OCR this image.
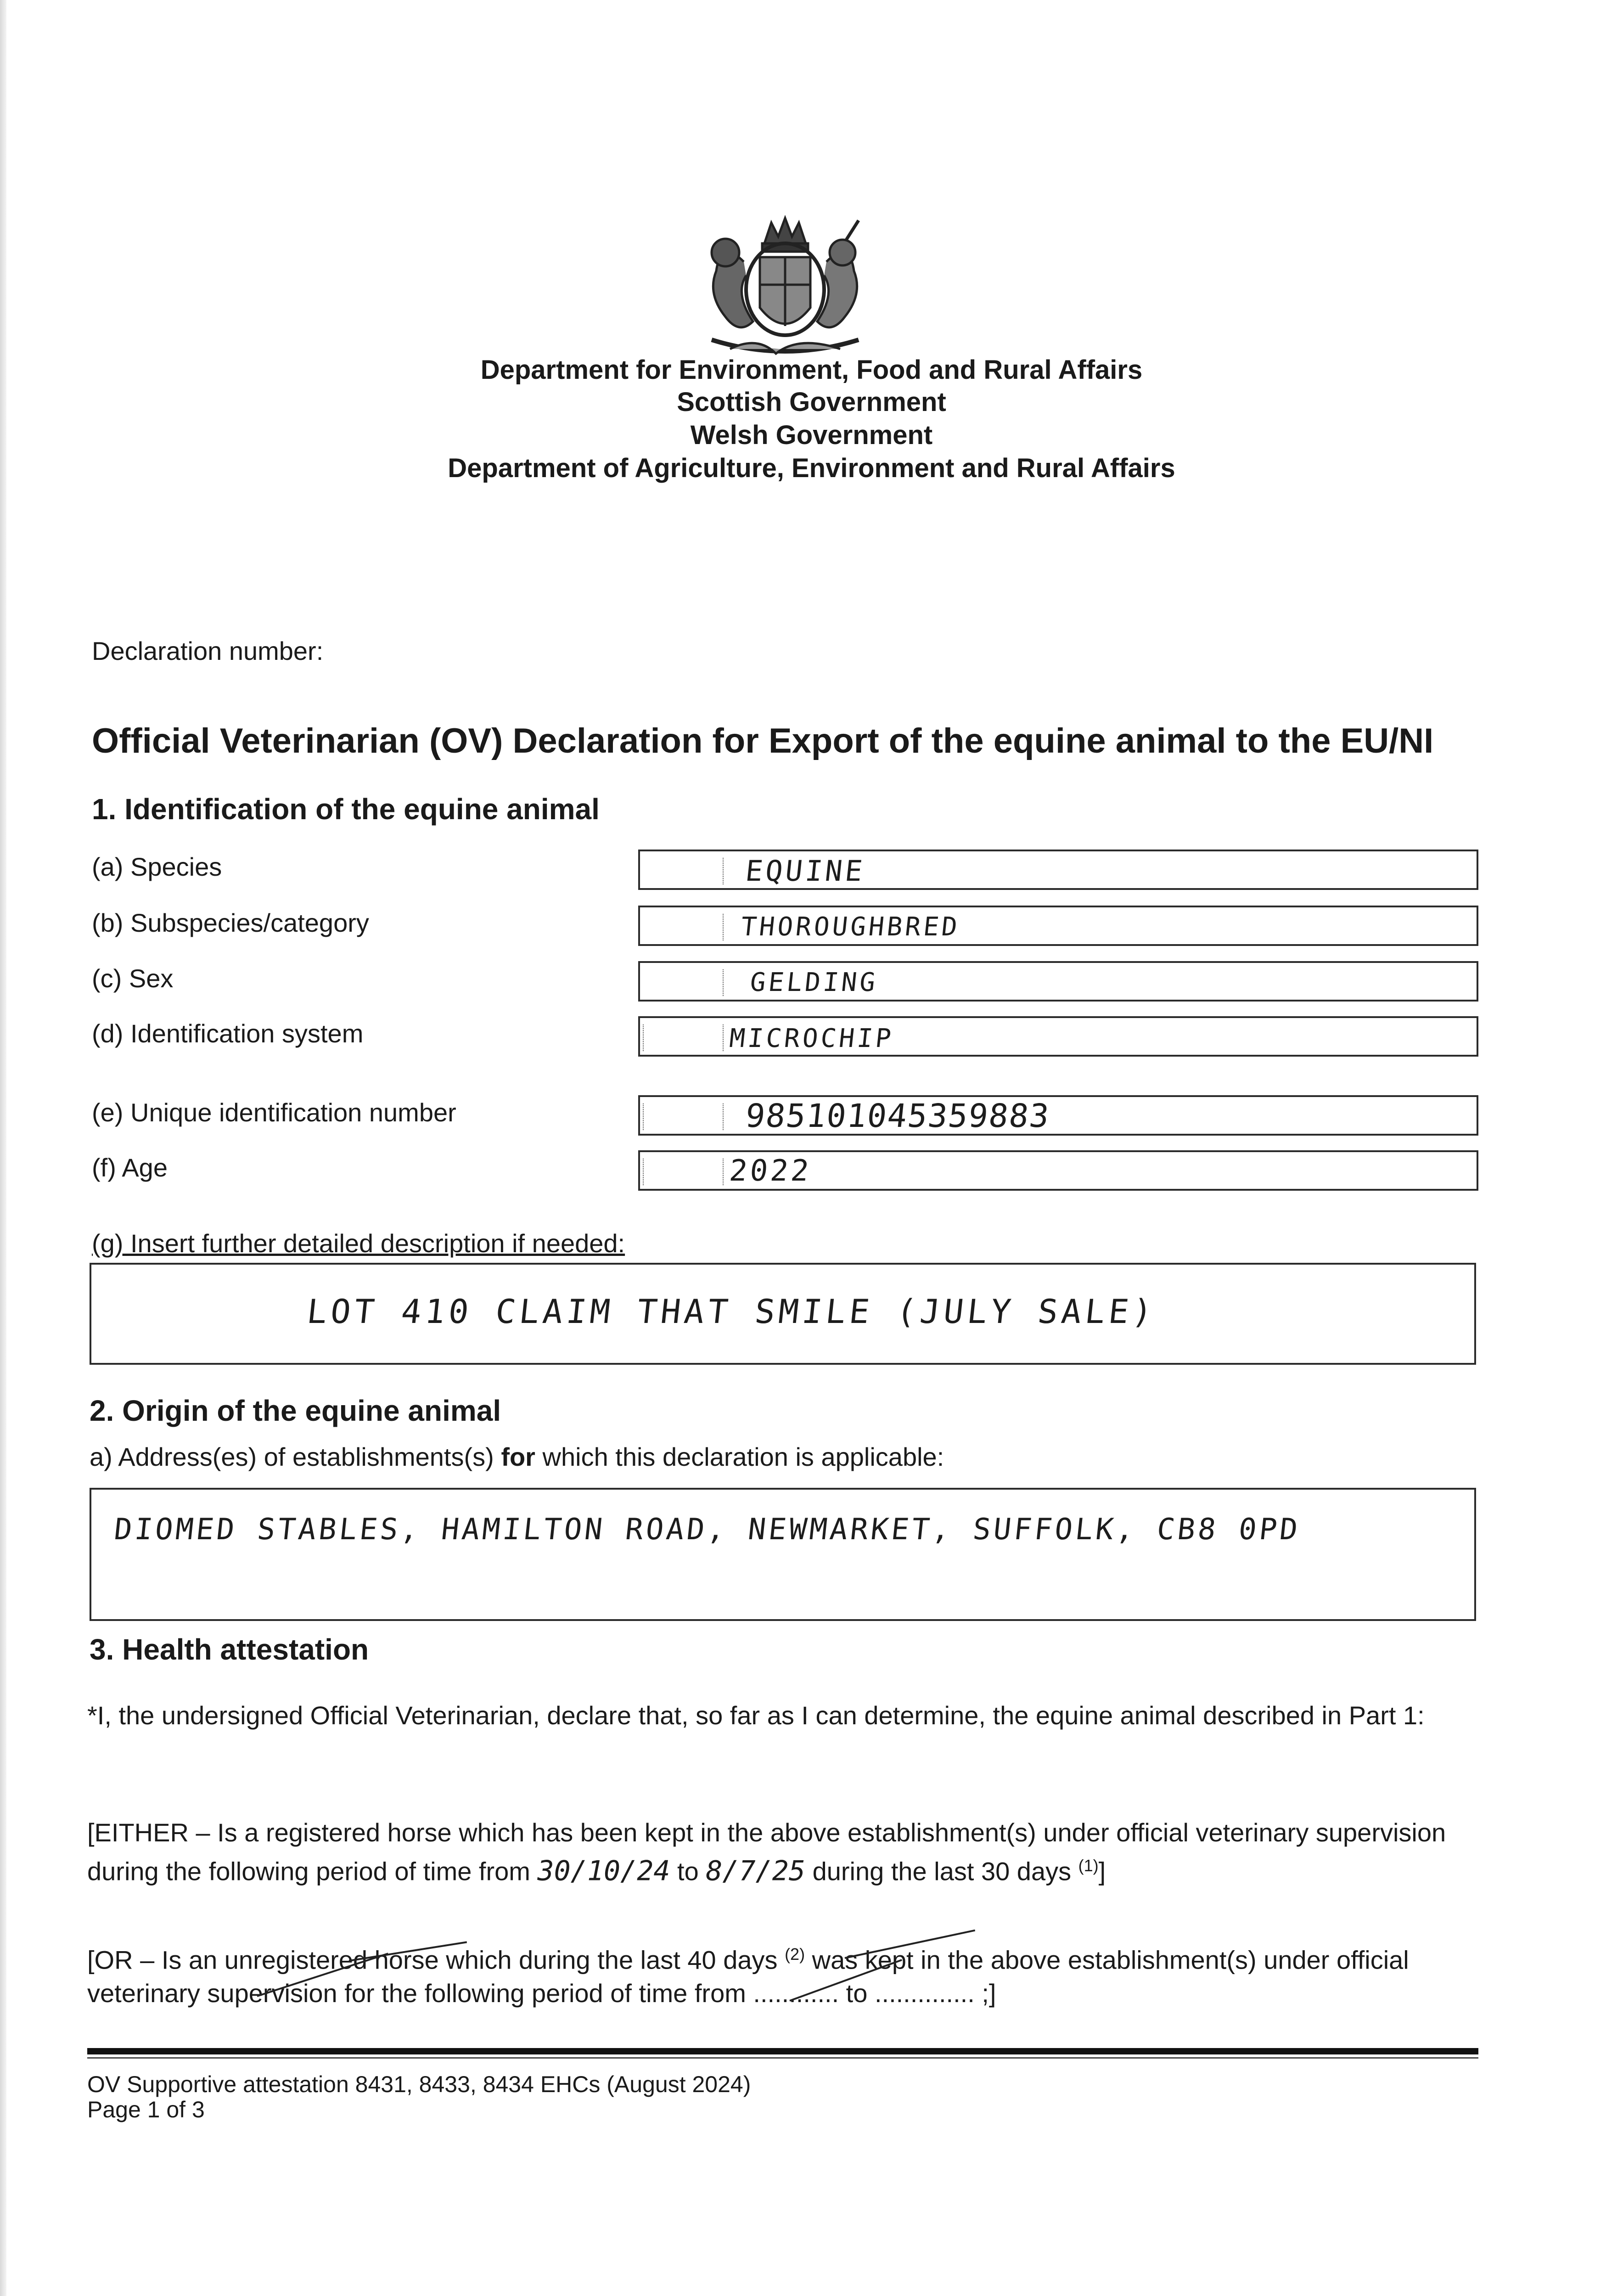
Department for Environment, Food and Rural Affairs
Scottish Government
Welsh Government
Department of Agriculture, Environment and Rural Affairs
Declaration number:
Official Veterinarian (OV) Declaration for Export of the equine animal to the EU/NI
1. Identification of the equine animal
(a) Species	EQUINE
(b) Subspecies/category	THOROUGHBRED
(c) Sex	GELDING
(d) Identification system	MICROCHIP
(e) Unique identification number	985101045359883
(f) Age	2022
(g) Insert further detailed description if needed:
LOT 410 CLAIM THAT SMILE (JULY SALE)
2. Origin of the equine animal
a) Address(es) of establishments(s) for which this declaration is applicable:
DIOMED STABLES, HAMILTON ROAD, NEWMARKET, SUFFOLK, CB8 0PD
3. Health attestation
*I, the undersigned Official Veterinarian, declare that, so far as I can determine, the equine animal described in Part 1:
[EITHER – Is a registered horse which has been kept in the above establishment(s) under official veterinary supervision during the following period of time from 30/10/24 to 8/7/25 during the last 30 days $^{(1)}$]
[OR – Is an unregistered horse which during the last 40 days $^{(2)}$ was kept in the above establishment(s) under official veterinary supervision for the following period of time from ............ to .............. ;]
OV Supportive attestation 8431, 8433, 8434 EHCs (August 2024)
Page 1 of 3
